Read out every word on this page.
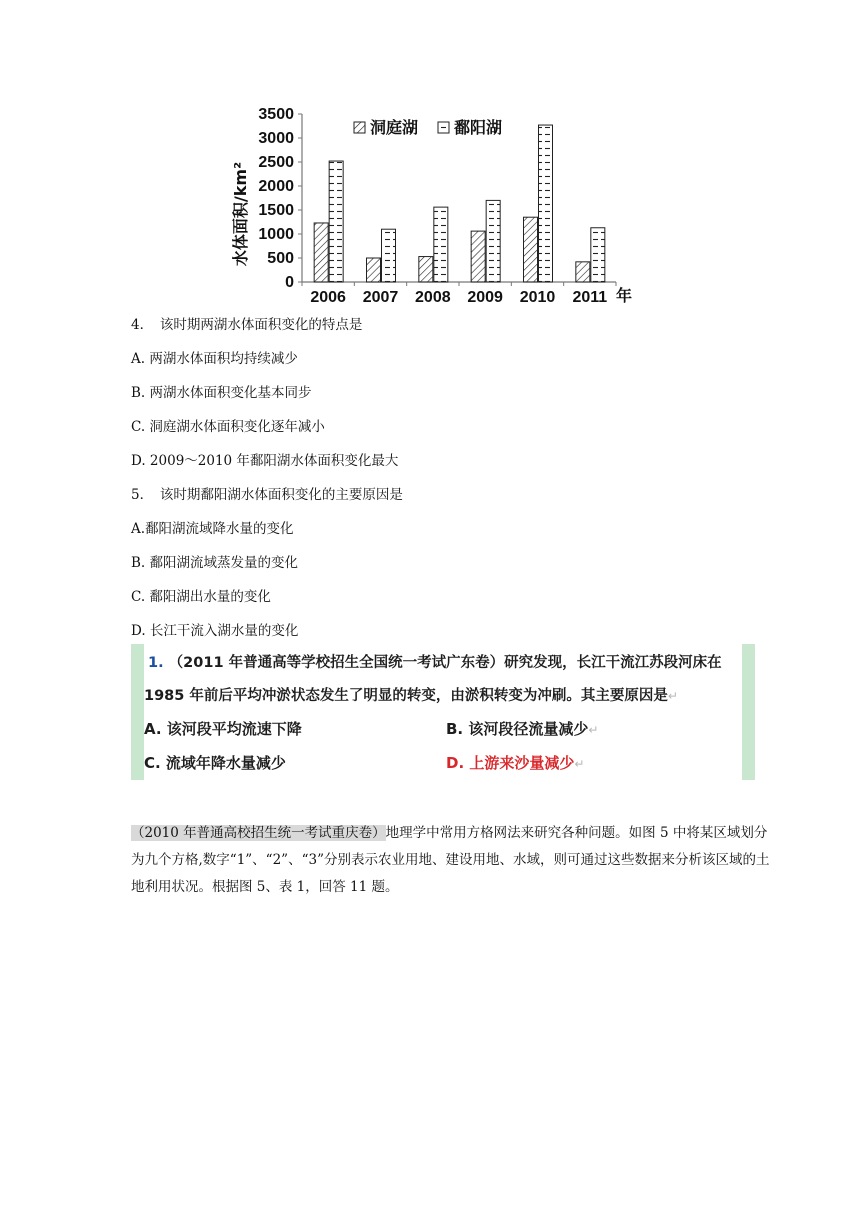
0
500
1000
1500
2000
2500
3000
3500
2006 2007 2008 2009 2010 2011
洞庭湖 鄱阳湖
水体面积/km²
年
4．　该时期两湖水体面积变化的特点是
A. 两湖水体面积均持续减少
B. 两湖水体面积变化基本同步
C. 洞庭湖水体面积变化逐年减小
D. 2009～2010 年鄱阳湖水体面积变化最大
5．　该时期鄱阳湖水体面积变化的主要原因是
A.鄱阳湖流域降水量的变化
B. 鄱阳湖流域蒸发量的变化
C. 鄱阳湖出水量的变化
D. 长江干流入湖水量的变化
1. （2011 年普通高等学校招生全国统一考试广东卷）研究发现，长江干流江苏段河床在
1985 年前后平均冲淤状态发生了明显的转变，由淤积转变为冲刷。其主要原因是↵
A. 该河段平均流速下降	B. 该河段径流量减少↵
C. 流域年降水量减少	D. 上游来沙量减少↵
（2010 年普通高校招生统一考试重庆卷）地理学中常用方格网法来研究各种问题。如图 5 中将某区域划分为九个方格,数字“1”、“2”、“3”分别表示农业用地、建设用地、水域，则可通过这些数据来分析该区域的土地利用状况。根据图 5、表 1，回答 11 题。
